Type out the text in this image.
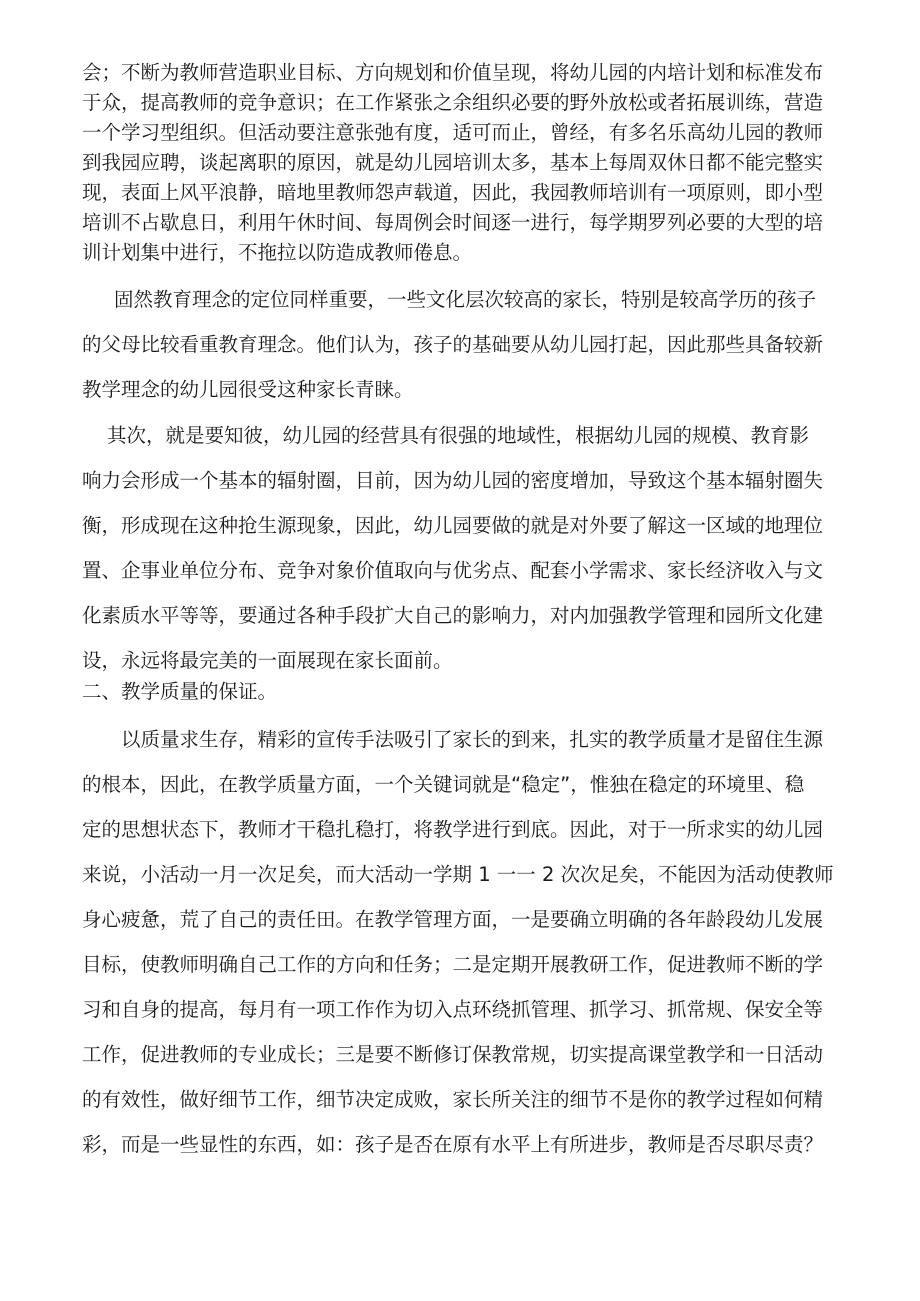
会；不断为教师营造职业目标、方向规划和价值呈现，将幼儿园的内培计划和标准发布
于众，提高教师的竞争意识；在工作紧张之余组织必要的野外放松或者拓展训练，营造
一个学习型组织。但活动要注意张弛有度，适可而止，曾经，有多名乐高幼儿园的教师
到我园应聘，谈起离职的原因，就是幼儿园培训太多，基本上每周双休日都不能完整实
现，表面上风平浪静，暗地里教师怨声载道，因此，我园教师培训有一项原则，即小型
培训不占歇息日，利用午休时间、每周例会时间逐一进行，每学期罗列必要的大型的培
训计划集中进行，不拖拉以防造成教师倦息。
固然教育理念的定位同样重要，一些文化层次较高的家长，特别是较高学历的孩子
的父母比较看重教育理念。他们认为，孩子的基础要从幼儿园打起，因此那些具备较新
教学理念的幼儿园很受这种家长青睐。
其次，就是要知彼，幼儿园的经营具有很强的地域性，根据幼儿园的规模、教育影
响力会形成一个基本的辐射圈，目前，因为幼儿园的密度增加，导致这个基本辐射圈失
衡，形成现在这种抢生源现象，因此，幼儿园要做的就是对外要了解这一区域的地理位
置、企事业单位分布、竞争对象价值取向与优劣点、配套小学需求、家长经济收入与文
化素质水平等等，要通过各种手段扩大自己的影响力，对内加强教学管理和园所文化建
设，永远将最完美的一面展现在家长面前。
二、教学质量的保证。
以质量求生存，精彩的宣传手法吸引了家长的到来，扎实的教学质量才是留住生源
的根本，因此，在教学质量方面，一个关键词就是“稳定”，惟独在稳定的环境里、稳
定的思想状态下，教师才干稳扎稳打，将教学进行到底。因此，对于一所求实的幼儿园
来说，小活动一月一次足矣，而大活动一学期 1 一一 2 次次足矣，不能因为活动使教师
身心疲惫，荒了自己的责任田。在教学管理方面，一是要确立明确的各年龄段幼儿发展
目标，使教师明确自己工作的方向和任务；二是定期开展教研工作，促进教师不断的学
习和自身的提高，每月有一项工作作为切入点环绕抓管理、抓学习、抓常规、保安全等
工作，促进教师的专业成长；三是要不断修订保教常规，切实提高课堂教学和一日活动
的有效性，做好细节工作，细节决定成败，家长所关注的细节不是你的教学过程如何精
彩，而是一些显性的东西，如：孩子是否在原有水平上有所进步，教师是否尽职尽责？
